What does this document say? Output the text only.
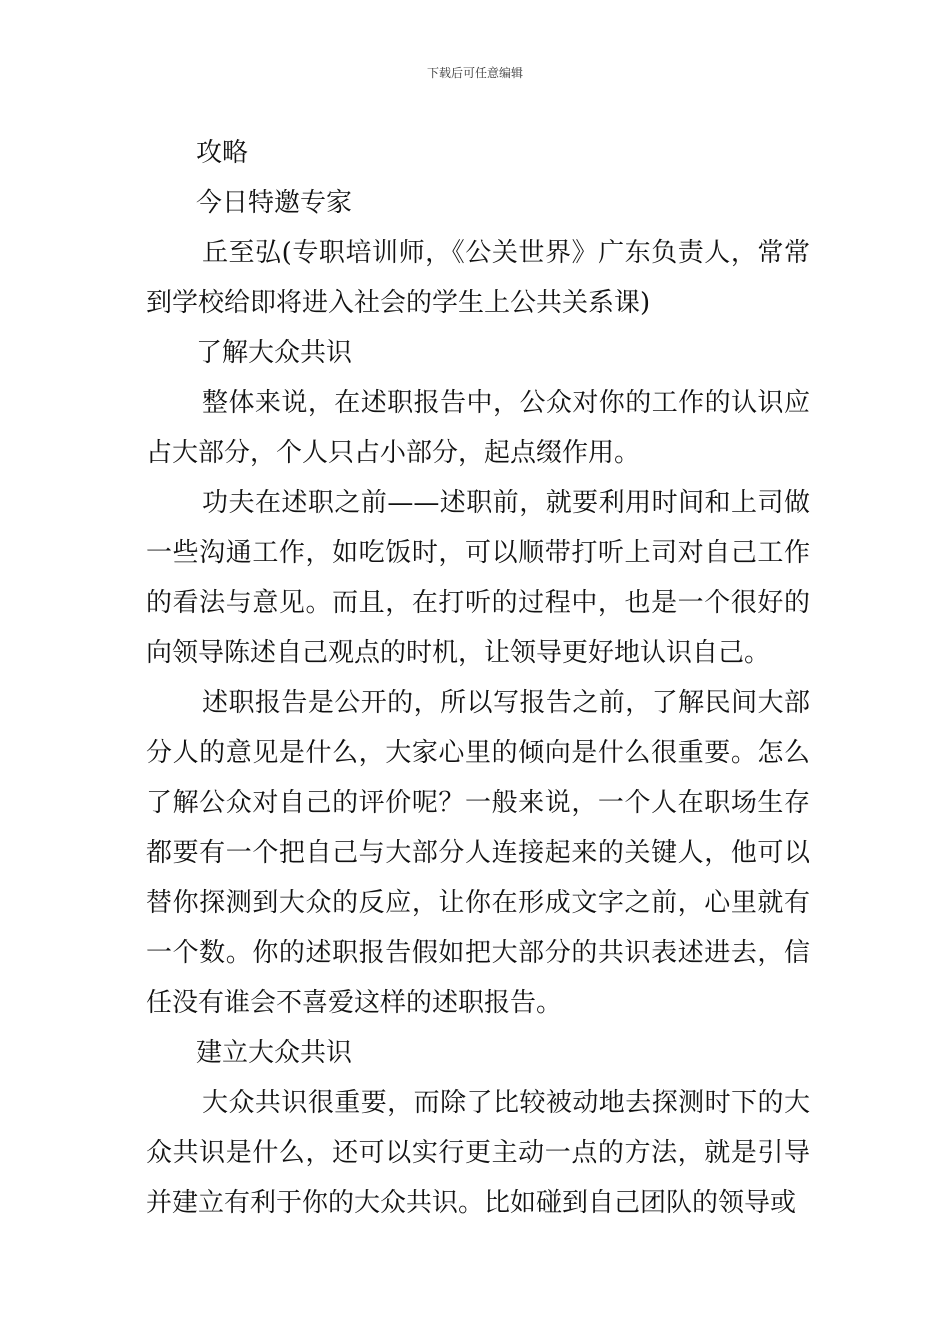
下载后可任意编辑

攻略

今日特邀专家

丘至弘(专职培训师，《公关世界》广东负责人，常常到学校给即将进入社会的学生上公共关系课)

了解大众共识

整体来说，在述职报告中，公众对你的工作的认识应占大部分，个人只占小部分，起点缀作用。

功夫在述职之前——述职前，就要利用时间和上司做一些沟通工作，如吃饭时，可以顺带打听上司对自己工作的看法与意见。而且，在打听的过程中，也是一个很好的向领导陈述自己观点的时机，让领导更好地认识自己。

述职报告是公开的，所以写报告之前，了解民间大部分人的意见是什么，大家心里的倾向是什么很重要。怎么了解公众对自己的评价呢？一般来说，一个人在职场生存都要有一个把自己与大部分人连接起来的关键人，他可以替你探测到大众的反应，让你在形成文字之前，心里就有一个数。你的述职报告假如把大部分的共识表述进去，信任没有谁会不喜爱这样的述职报告。

建立大众共识

大众共识很重要，而除了比较被动地去探测时下的大众共识是什么，还可以实行更主动一点的方法，就是引导并建立有利于你的大众共识。比如碰到自己团队的领导或
